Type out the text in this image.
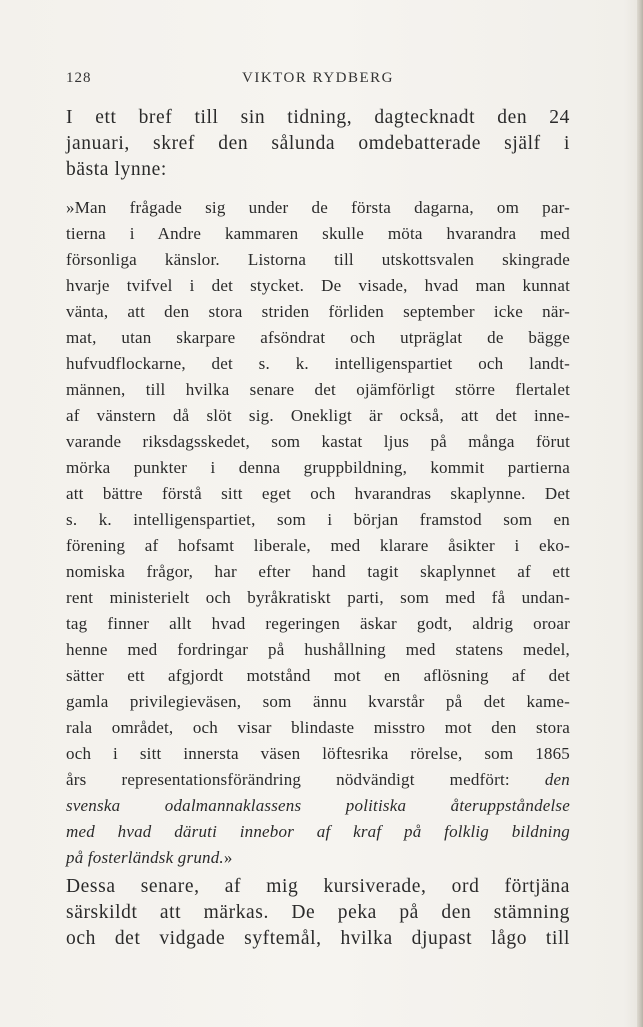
128	VIKTOR RYDBERG
I ett bref till sin tidning, dagtecknadt den 24
januari, skref den sålunda omdebatterade själf i
bästa lynne:
»Man frågade sig under de första dagarna, om par-
tierna i Andre kammaren skulle möta hvarandra med
försonliga känslor. Listorna till utskottsvalen skingrade
hvarje tvifvel i det stycket. De visade, hvad man kunnat
vänta, att den stora striden förliden september icke när-
mat, utan skarpare afsöndrat och utpräglat de bägge
hufvudflockarne, det s. k. intelligenspartiet och landt-
männen, till hvilka senare det ojämförligt större flertalet
af vänstern då slöt sig. Onekligt är också, att det inne-
varande riksdagsskedet, som kastat ljus på många förut
mörka punkter i denna gruppbildning, kommit partierna
att bättre förstå sitt eget och hvarandras skaplynne. Det
s. k. intelligenspartiet, som i början framstod som en
förening af hofsamt liberale, med klarare åsikter i eko-
nomiska frågor, har efter hand tagit skaplynnet af ett
rent ministerielt och byråkratiskt parti, som med få undan-
tag finner allt hvad regeringen äskar godt, aldrig oroar
henne med fordringar på hushållning med statens medel,
sätter ett afgjordt motstånd mot en aflösning af det
gamla privilegieväsen, som ännu kvarstår på det kame-
rala området, och visar blindaste misstro mot den stora
och i sitt innersta väsen löftesrika rörelse, som 1865
års representationsförändring nödvändigt medfört: den
svenska odalmannaklassens politiska återuppståndelse
med hvad däruti innebor af kraf på folklig bildning
på fosterländsk grund.»
Dessa senare, af mig kursiverade, ord förtjäna
särskildt att märkas. De peka på den stämning
och det vidgade syftemål, hvilka djupast lågo till
